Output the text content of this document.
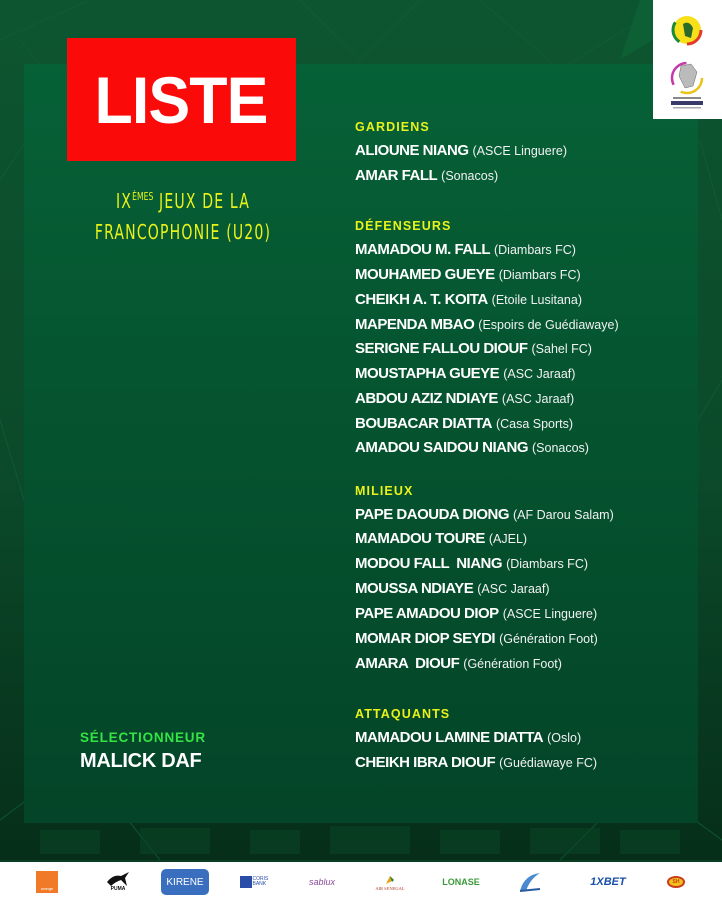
LISTE
IXÈMES JEUX DE LA
FRANCOPHONIE (U20)
SÉLECTIONNEUR
MALICK DAF
GARDIENS
ALIOUNE NIANG (ASCE Linguere)
AMAR FALL (Sonacos)
DÉFENSEURS
MAMADOU M. FALL (Diambars FC)
MOUHAMED GUEYE (Diambars FC)
CHEIKH A. T. KOITA (Etoile Lusitana)
MAPENDA MBAO (Espoirs de Guédiawaye)
SERIGNE FALLOU DIOUF (Sahel FC)
MOUSTAPHA GUEYE (ASC Jaraaf)
ABDOU AZIZ NDIAYE (ASC Jaraaf)
BOUBACAR DIATTA (Casa Sports)
AMADOU SAIDOU NIANG (Sonacos)
MILIEUX
PAPE DAOUDA DIONG (AF Darou Salam)
MAMADOU TOURE (AJEL)
MODOU FALL  NIANG (Diambars FC)
MOUSSA NDIAYE (ASC Jaraaf)
PAPE AMADOU DIOP (ASCE Linguere)
MOMAR DIOP SEYDI (Génération Foot)
AMARA  DIOUF (Génération Foot)
ATTAQUANTS
MAMADOU LAMINE DIATTA (Oslo)
CHEIKH IBRA DIOUF (Guédiawaye FC)
orange	PUMA
KIRENE	CORIS BANK	sablux
AIR SENEGAL
LONASE	1XBET	SH
